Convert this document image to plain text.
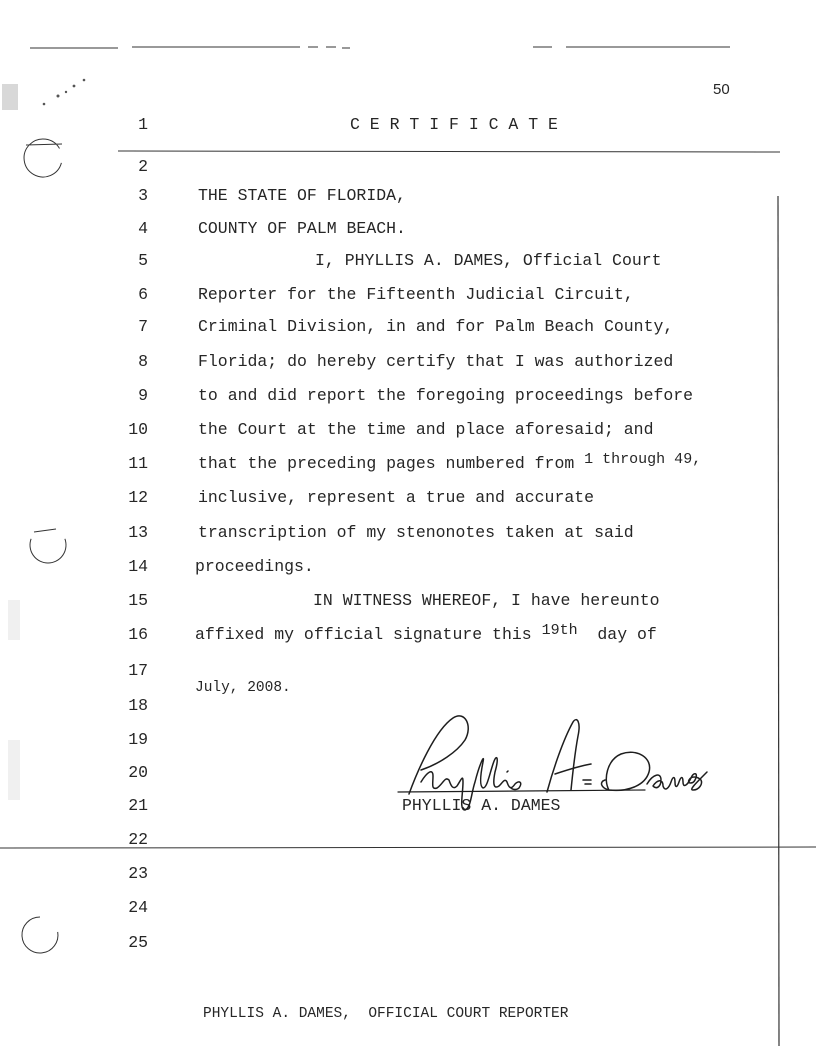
50
1	C E R T I F I C A T E
2
3	THE STATE OF FLORIDA,
4	COUNTY OF PALM BEACH.
5	I, PHYLLIS A. DAMES, Official Court
6	Reporter for the Fifteenth Judicial Circuit,
7	Criminal Division, in and for Palm Beach County,
8	Florida; do hereby certify that I was authorized
9	to and did report the foregoing proceedings before
10	the Court at the time and place aforesaid; and
11	that the preceding pages numbered from 1 through 49,
12	inclusive, represent a true and accurate
13	transcription of my stenonotes taken at said
14	proceedings.
15	IN WITNESS WHEREOF, I have hereunto
16	affixed my official signature this 19th day of
17
July, 2008.
18
19
20
21	PHYLLIS A. DAMES
22
23
24
25
PHYLLIS A. DAMES,  OFFICIAL COURT REPORTER
